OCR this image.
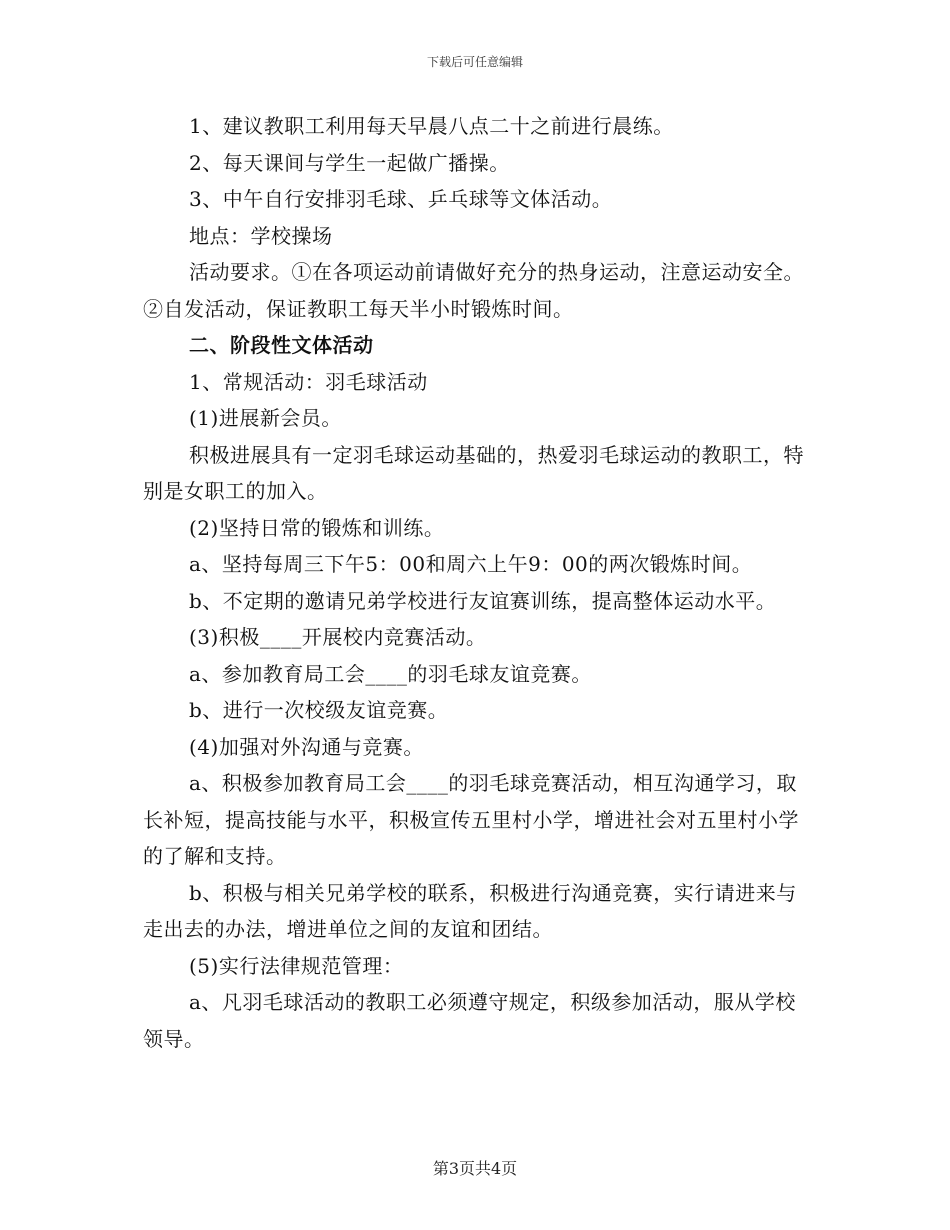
下载后可任意编辑

1、建议教职工利用每天早晨八点二十之前进行晨练。

2、每天课间与学生一起做广播操。

3、中午自行安排羽毛球、乒乓球等文体活动。

地点：学校操场

活动要求。①在各项运动前请做好充分的热身运动，注意运动安全。②自发活动，保证教职工每天半小时锻炼时间。

二、阶段性文体活动

1、常规活动：羽毛球活动

(1)进展新会员。

积极进展具有一定羽毛球运动基础的，热爱羽毛球运动的教职工，特别是女职工的加入。

(2)坚持日常的锻炼和训练。

a、坚持每周三下午5：00和周六上午9：00的两次锻炼时间。

b、不定期的邀请兄弟学校进行友谊赛训练，提高整体运动水平。

(3)积极____开展校内竞赛活动。

a、参加教育局工会____的羽毛球友谊竞赛。

b、进行一次校级友谊竞赛。

(4)加强对外沟通与竞赛。

a、积极参加教育局工会____的羽毛球竞赛活动，相互沟通学习，取长补短，提高技能与水平，积极宣传五里村小学，增进社会对五里村小学的了解和支持。

b、积极与相关兄弟学校的联系，积极进行沟通竞赛，实行请进来与走出去的办法，增进单位之间的友谊和团结。

(5)实行法律规范管理：

a、凡羽毛球活动的教职工必须遵守规定，积级参加活动，服从学校领导。

第3页共4页
